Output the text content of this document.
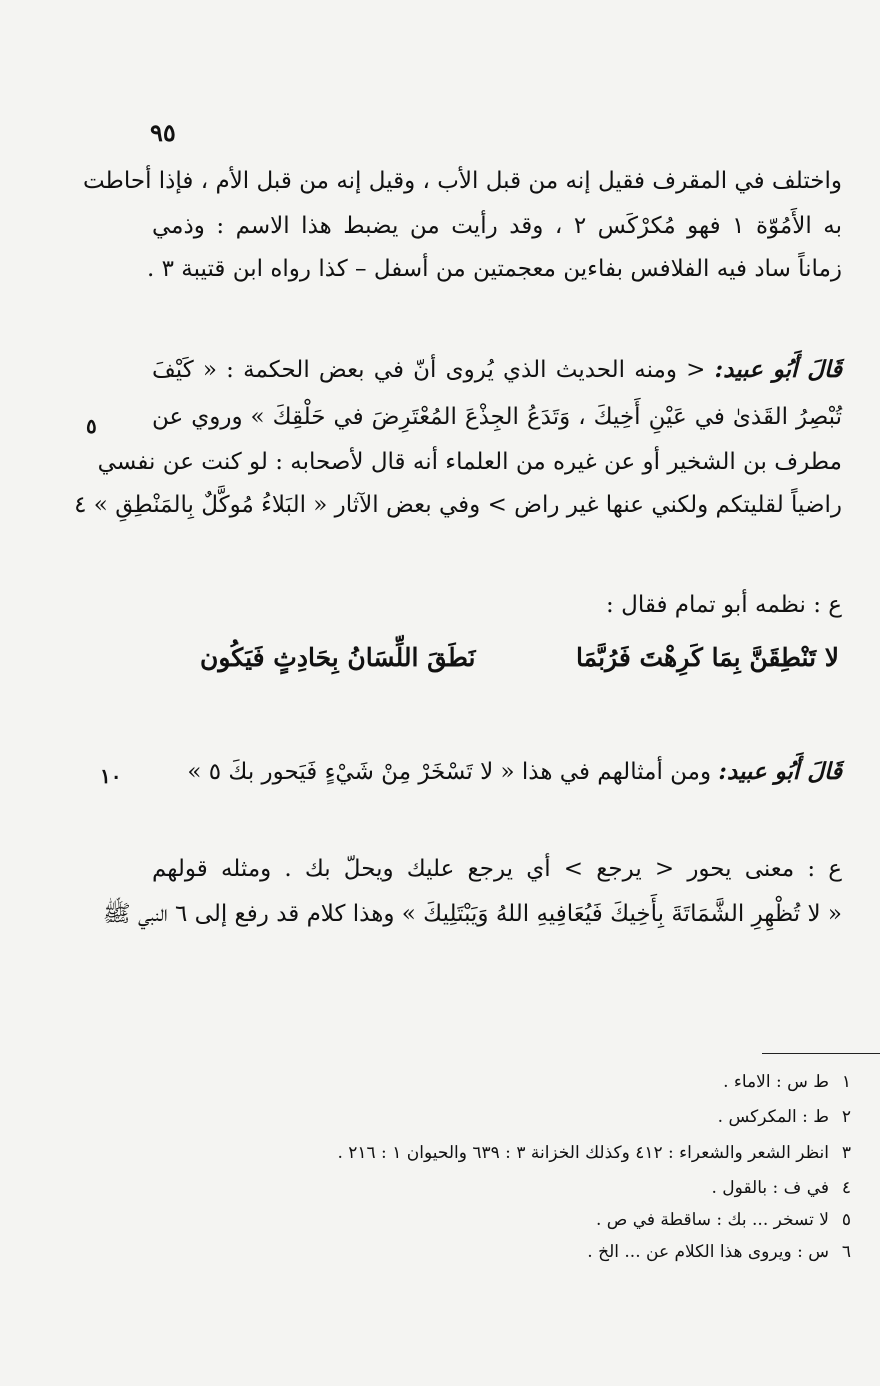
٩٥
واختلف في المقرف فقيل إنه من قبل الأب ، وقيل إنه من قبل الأم ، فإذا أحاطت
به الأَمُوّة ١ فهو مُكرْكَس ٢ ، وقد رأيت من يضبط هذا الاسم : وذمي
زماناً ساد فيه الفلافس بفاءين معجمتين من أسفل – كذا رواه ابن قتيبة ٣ .
قَالَ أَبُو عبيد: < ومنه الحديث الذي يُروى أنّ في بعض الحكمة : « كَيْفَ
تُبْصِرُ القَذىٰ في عَيْنِ أَخِيكَ ، وَتَدَعُ الجِذْعَ المُعْتَرِضَ في حَلْقِكَ » وروي عن
٥
مطرف بن الشخير أو عن غيره من العلماء أنه قال لأصحابه : لو كنت عن نفسي
راضياً لقليتكم ولكني عنها غير راض > وفي بعض الآثار « البَلاءُ مُوكَّلٌ بِالمَنْطِقِ » ٤
ع : نظمه أبو تمام فقال :
لا تَنْطِقَنَّ بِمَا كَرِهْتَ فَرُبَّمَا
نَطَقَ اللِّسَانُ بِحَادِثٍ فَيَكُون
قَالَ أَبُو عبيد: ومن أمثالهم في هذا « لا تَسْخَرْ مِنْ شَيْءٍ فَيَحور بكَ ٥ »
١٠
ع : معنى يحور < يرجع > أي يرجع عليك ويحلّ بك . ومثله قولهم
« لا تُظْهِرِ الشَّمَاتَةَ بِأَخِيكَ فَيُعَافِيهِ اللهُ وَيَبْتَلِيكَ » وهذا كلام قد رفع إلى ٦ النبي ﷺ
١ط س : الاماء .
٢ط : المكركس .
٣انظر الشعر والشعراء : ٤١٢ وكذلك الخزانة ٣ : ٦٣٩ والحيوان ١ : ٢١٦ .
٤في ف : بالقول .
٥لا تسخر ... بك : ساقطة في ص .
٦س : ويروى هذا الكلام عن ... الخ .
